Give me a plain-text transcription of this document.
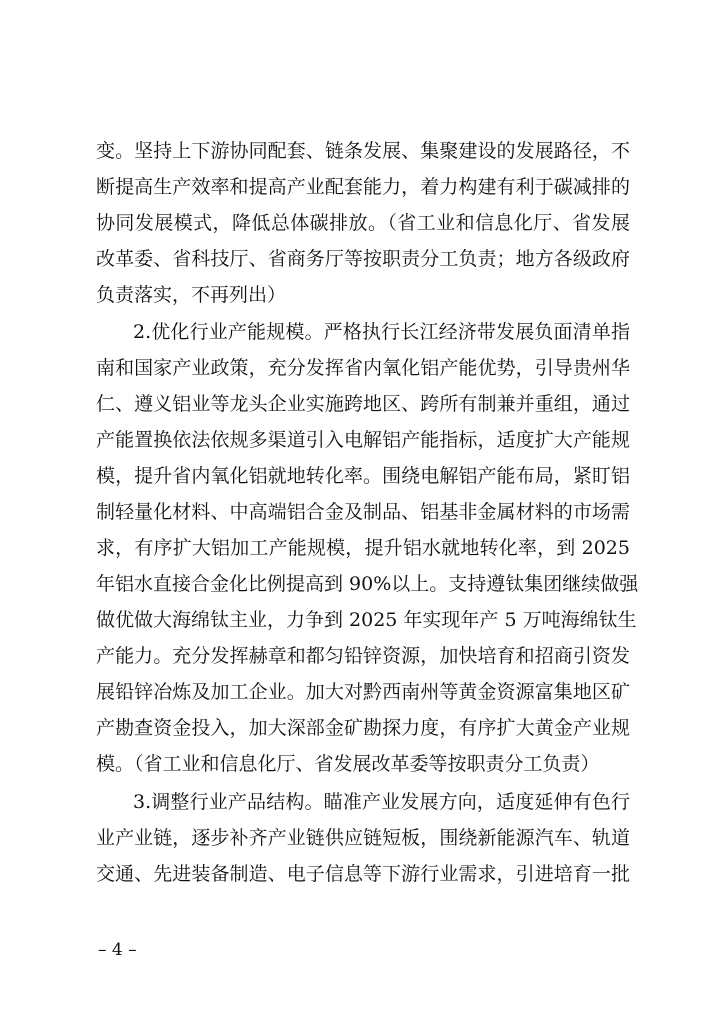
变。坚持上下游协同配套、链条发展、集聚建设的发展路径，不
断提高生产效率和提高产业配套能力，着力构建有利于碳减排的
协同发展模式，降低总体碳排放。（省工业和信息化厅、省发展
改革委、省科技厅、省商务厅等按职责分工负责；地方各级政府
负责落实，不再列出）
2.优化行业产能规模。严格执行长江经济带发展负面清单指
南和国家产业政策，充分发挥省内氧化铝产能优势，引导贵州华
仁、遵义铝业等龙头企业实施跨地区、跨所有制兼并重组，通过
产能置换依法依规多渠道引入电解铝产能指标，适度扩大产能规
模，提升省内氧化铝就地转化率。围绕电解铝产能布局，紧盯铝
制轻量化材料、中高端铝合金及制品、铝基非金属材料的市场需
求，有序扩大铝加工产能规模，提升铝水就地转化率，到 2025
年铝水直接合金化比例提高到 90%以上。支持遵钛集团继续做强
做优做大海绵钛主业，力争到 2025 年实现年产 5 万吨海绵钛生
产能力。充分发挥赫章和都匀铅锌资源，加快培育和招商引资发
展铅锌冶炼及加工企业。加大对黔西南州等黄金资源富集地区矿
产勘查资金投入，加大深部金矿勘探力度，有序扩大黄金产业规
模。（省工业和信息化厅、省发展改革委等按职责分工负责）
3.调整行业产品结构。瞄准产业发展方向，适度延伸有色行
业产业链，逐步补齐产业链供应链短板，围绕新能源汽车、轨道
交通、先进装备制造、电子信息等下游行业需求，引进培育一批
– 4 –
